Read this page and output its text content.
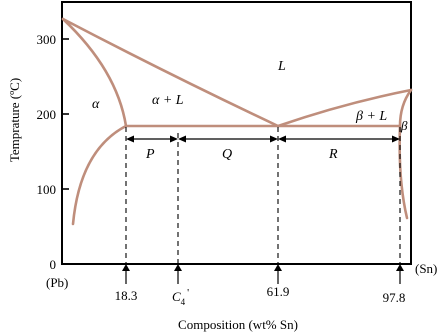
300
200
100
0
Temprature (ºC)
L
α	α + L
β + L
β
P	Q	R
(Pb)
(Sn)
18.3	$C_4'$	61.9	97.8
Composition (wt% Sn)
